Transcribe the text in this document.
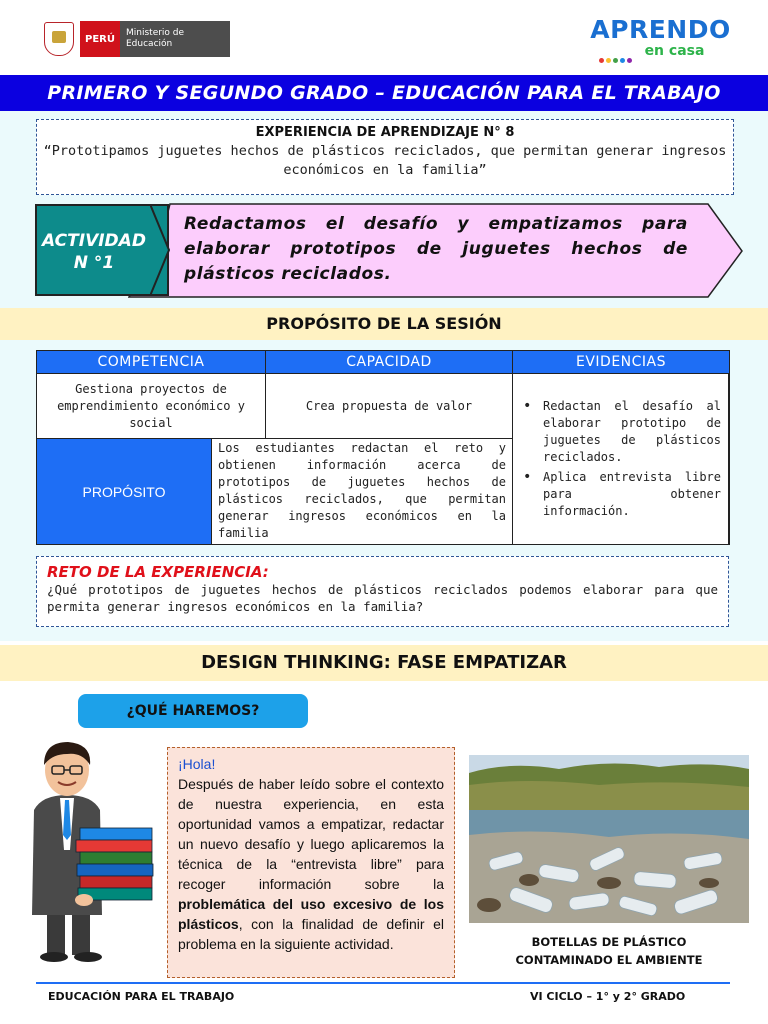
PERÚ
Ministerio de Educación	APRENDO
en casa
PRIMERO Y SEGUNDO GRADO – EDUCACIÓN PARA EL TRABAJO
EXPERIENCIA DE APRENDIZAJE N° 8
“Prototipamos juguetes hechos de plásticos reciclados, que permitan generar ingresos económicos en la familia”
ACTIVIDAD
N °1
Redactamos el desafío y empatizamos para elaborar prototipos de juguetes hechos de plásticos reciclados.
PROPÓSITO DE LA SESIÓN
COMPETENCIA	CAPACIDAD	EVIDENCIAS
Gestiona proyectos de emprendimiento económico y social
Crea propuesta de valor
•	Redactan el desafío al elaborar prototipo de juguetes de plásticos reciclados.
• Aplica entrevista libre para obtener información.
PROPÓSITO
Los estudiantes redactan el reto y obtienen información acerca de prototipos de juguetes hechos de plásticos reciclados, que permitan generar ingresos económicos en la familia
RETO DE LA EXPERIENCIA:
¿Qué prototipos de juguetes hechos de plásticos reciclados podemos elaborar para que permita generar ingresos económicos en la familia?
DESIGN THINKING: FASE EMPATIZAR
¿QUÉ HAREMOS?
¡Hola!
Después de haber leído sobre el contexto de nuestra experiencia, en esta oportunidad vamos a empatizar, redactar un nuevo desafío y luego aplicaremos la técnica de la “entrevista libre” para recoger información sobre la problemática del uso excesivo de los plásticos, con la finalidad de definir el problema en la siguiente actividad.	BOTELLAS DE PLÁSTICO
CONTAMINADO EL AMBIENTE
EDUCACIÓN PARA EL TRABAJO	VI CICLO – 1° y 2° GRADO
